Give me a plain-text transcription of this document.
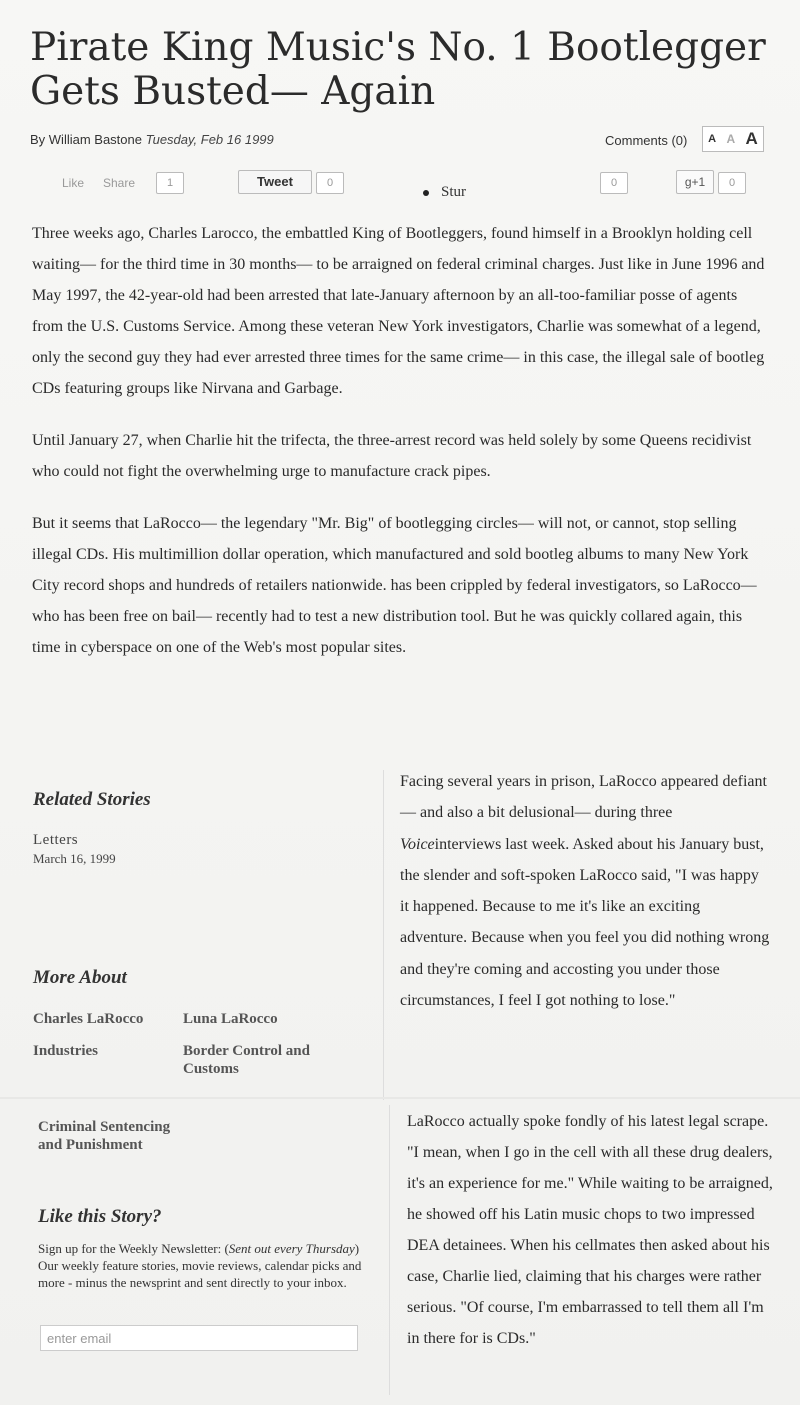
Pirate King Music's No. 1 Bootlegger Gets Busted— Again
By William Bastone Tuesday, Feb 16 1999	Comments (0) A A A
Like Share	1	Tweet	0
Stur
0	g+1	0

Three weeks ago, Charles Larocco, the embattled King of Bootleggers, found himself in a Brooklyn holding cell waiting— for the third time in 30 months— to be arraigned on federal criminal charges. Just like in June 1996 and May 1997, the 42-year-old had been arrested that late-January afternoon by an all-too-familiar posse of agents from the U.S. Customs Service. Among these veteran New York investigators, Charlie was somewhat of a legend, only the second guy they had ever arrested three times for the same crime— in this case, the illegal sale of bootleg CDs featuring groups like Nirvana and Garbage.

Until January 27, when Charlie hit the trifecta, the three-arrest record was held solely by some Queens recidivist who could not fight the overwhelming urge to manufacture crack pipes.

But it seems that LaRocco— the legendary "Mr. Big" of bootlegging circles— will not, or cannot, stop selling illegal CDs. His multimillion dollar operation, which manufactured and sold bootleg albums to many New York City record shops and hundreds of retailers nationwide. has been crippled by federal investigators, so LaRocco— who has been free on bail— recently had to test a new distribution tool. But he was quickly collared again, this time in cyberspace on one of the Web's most popular sites.

Related Stories
Letters
March 16, 1999
More About
Charles LaRocco	Luna LaRocco
Industries	Border Control and Customs
Criminal Sentencing and Punishment
Like this Story?
Sign up for the Weekly Newsletter: (Sent out every Thursday) Our weekly feature stories, movie reviews, calendar picks and more - minus the newsprint and sent directly to your inbox.
enter email

Facing several years in prison, LaRocco appeared defiant— and also a bit delusional— during three Voiceinterviews last week. Asked about his January bust, the slender and soft-spoken LaRocco said, "I was happy it happened. Because to me it's like an exciting adventure. Because when you feel you did nothing wrong and they're coming and accosting you under those circumstances, I feel I got nothing to lose."

LaRocco actually spoke fondly of his latest legal scrape. "I mean, when I go in the cell with all these drug dealers, it's an experience for me." While waiting to be arraigned, he showed off his Latin music chops to two impressed DEA detainees. When his cellmates then asked about his case, Charlie lied, claiming that his charges were rather serious. "Of course, I'm embarrassed to tell them all I'm in there for is CDs."
